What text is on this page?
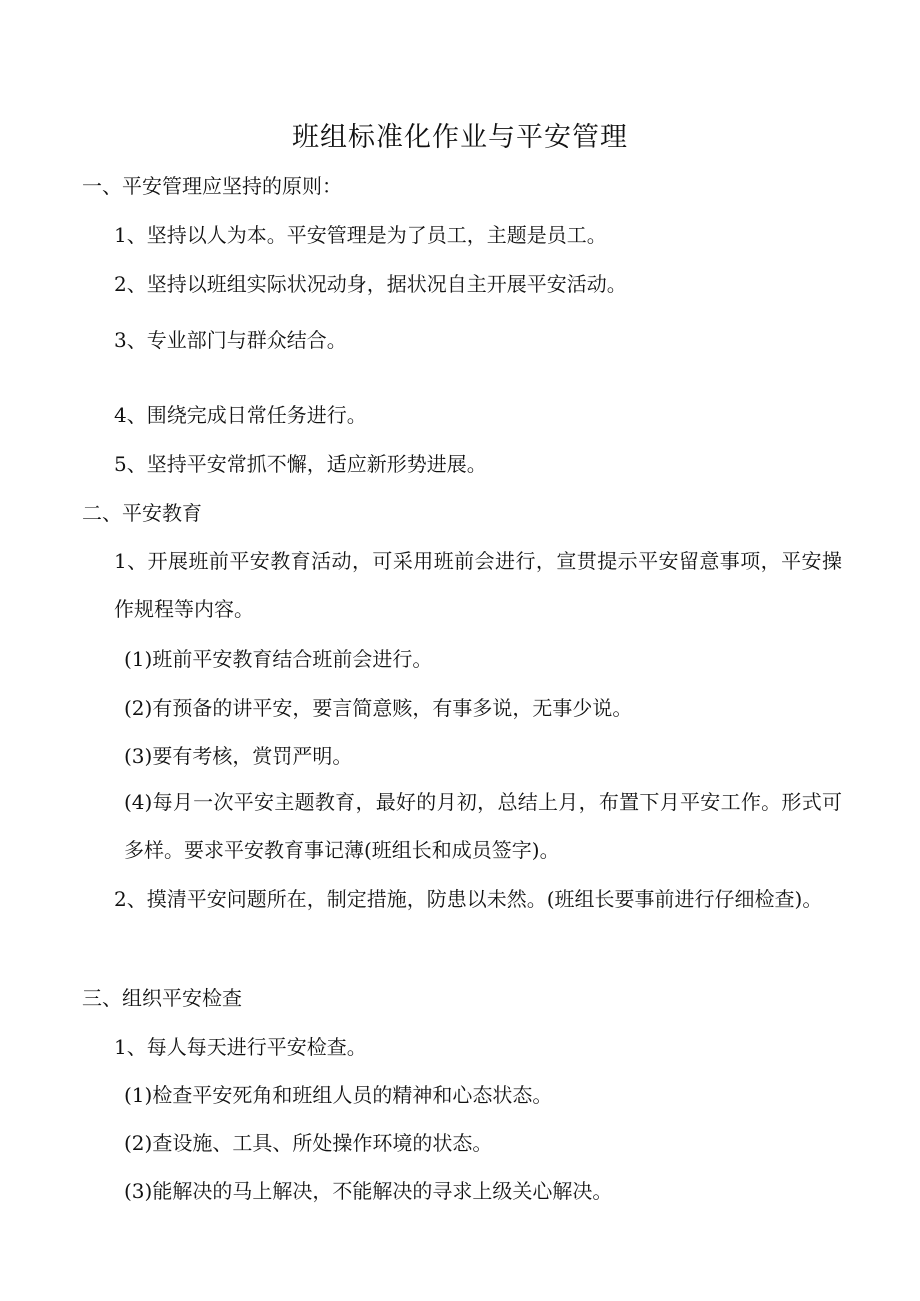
班组标准化作业与平安管理
一、平安管理应坚持的原则：
1、坚持以人为本。平安管理是为了员工，主题是员工。
2、坚持以班组实际状况动身，据状况自主开展平安活动。
3、专业部门与群众结合。
4、围绕完成日常任务进行。
5、坚持平安常抓不懈，适应新形势进展。
二、平安教育
1、开展班前平安教育活动，可采用班前会进行，宣贯提示平安留意事项，平安操作规程等内容。
(1)班前平安教育结合班前会进行。
(2)有预备的讲平安，要言简意赅，有事多说，无事少说。
(3)要有考核，赏罚严明。
(4)每月一次平安主题教育，最好的月初，总结上月，布置下月平安工作。形式可多样。要求平安教育事记薄(班组长和成员签字)。
2、摸清平安问题所在，制定措施，防患以未然。(班组长要事前进行仔细检查)。
三、组织平安检查
1、每人每天进行平安检查。
(1)检查平安死角和班组人员的精神和心态状态。
(2)查设施、工具、所处操作环境的状态。
(3)能解决的马上解决，不能解决的寻求上级关心解决。
